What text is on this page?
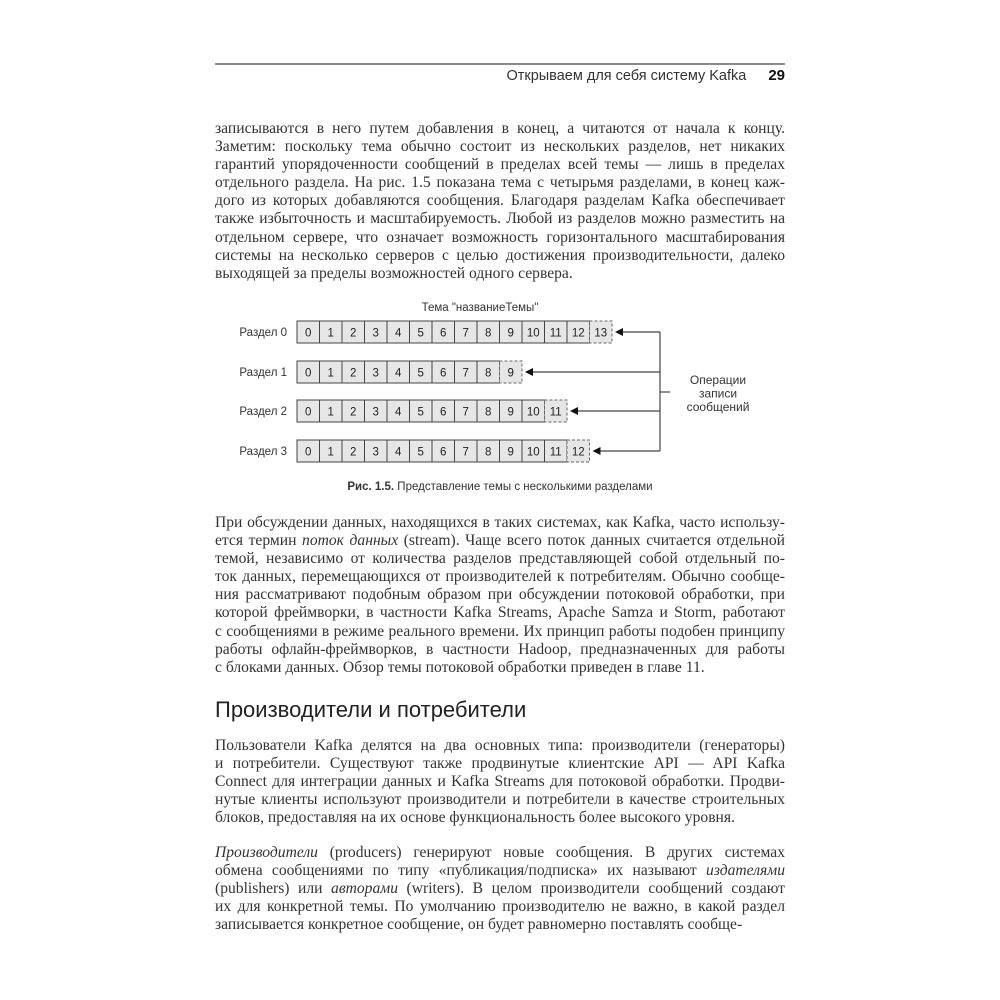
Открываем для себя систему Kafka 29
записываются в него путем добавления в конец, а читаются от начала к концу.
Заметим: поскольку тема обычно состоит из нескольких разделов, нет никаких
гарантий упорядоченности сообщений в пределах всей темы — лишь в пределах
отдельного раздела. На рис. 1.5 показана тема с четырьмя разделами, в конец каж-
дого из которых добавляются сообщения. Благодаря разделам Kafka обеспечивает
также избыточность и масштабируемость. Любой из разделов можно разместить на
отдельном сервере, что означает возможность горизонтального масштабирования
системы на несколько серверов с целью достижения производительности, далеко
выходящей за пределы возможностей одного сервера.
Тема "названиеТемы"
Раздел 0 0 1 2 3 4 5 6 7 8 9 10 11 12 13
Раздел 1 0 1 2 3 4 5 6 7 8 9
Раздел 2 0 1 2 3 4 5 6 7 8 9 10 11
Раздел 3 0 1 2 3 4 5 6 7 8 9 10 11 12
Операции
записи
сообщений
Рис. 1.5. Представление темы с несколькими разделами
При обсуждении данных, находящихся в таких системах, как Kafka, часто использу-
ется термин поток данных (stream). Чаще всего поток данных считается отдельной
темой, независимо от количества разделов представляющей собой отдельный по-
ток данных, перемещающихся от производителей к потребителям. Обычно сообще-
ния рассматривают подобным образом при обсуждении потоковой обработки, при
которой фреймворки, в частности Kafka Streams, Apache Samza и Storm, работают
с сообщениями в режиме реального времени. Их принцип работы подобен принципу
работы офлайн-фреймворков, в частности Hadoop, предназначенных для работы
с блоками данных. Обзор темы потоковой обработки приведен в главе 11.
Производители и потребители
Пользователи Kafka делятся на два основных типа: производители (генераторы)
и потребители. Существуют также продвинутые клиентские API — API Kafka
Connect для интеграции данных и Kafka Streams для потоковой обработки. Продви-
нутые клиенты используют производители и потребители в качестве строительных
блоков, предоставляя на их основе функциональность более высокого уровня.
Производители (producers) генерируют новые сообщения. В других системах
обмена сообщениями по типу «публикация/подписка» их называют издателями
(publishers) или авторами (writers). В целом производители сообщений создают
их для конкретной темы. По умолчанию производителю не важно, в какой раздел
записывается конкретное сообщение, он будет равномерно поставлять сообще-
